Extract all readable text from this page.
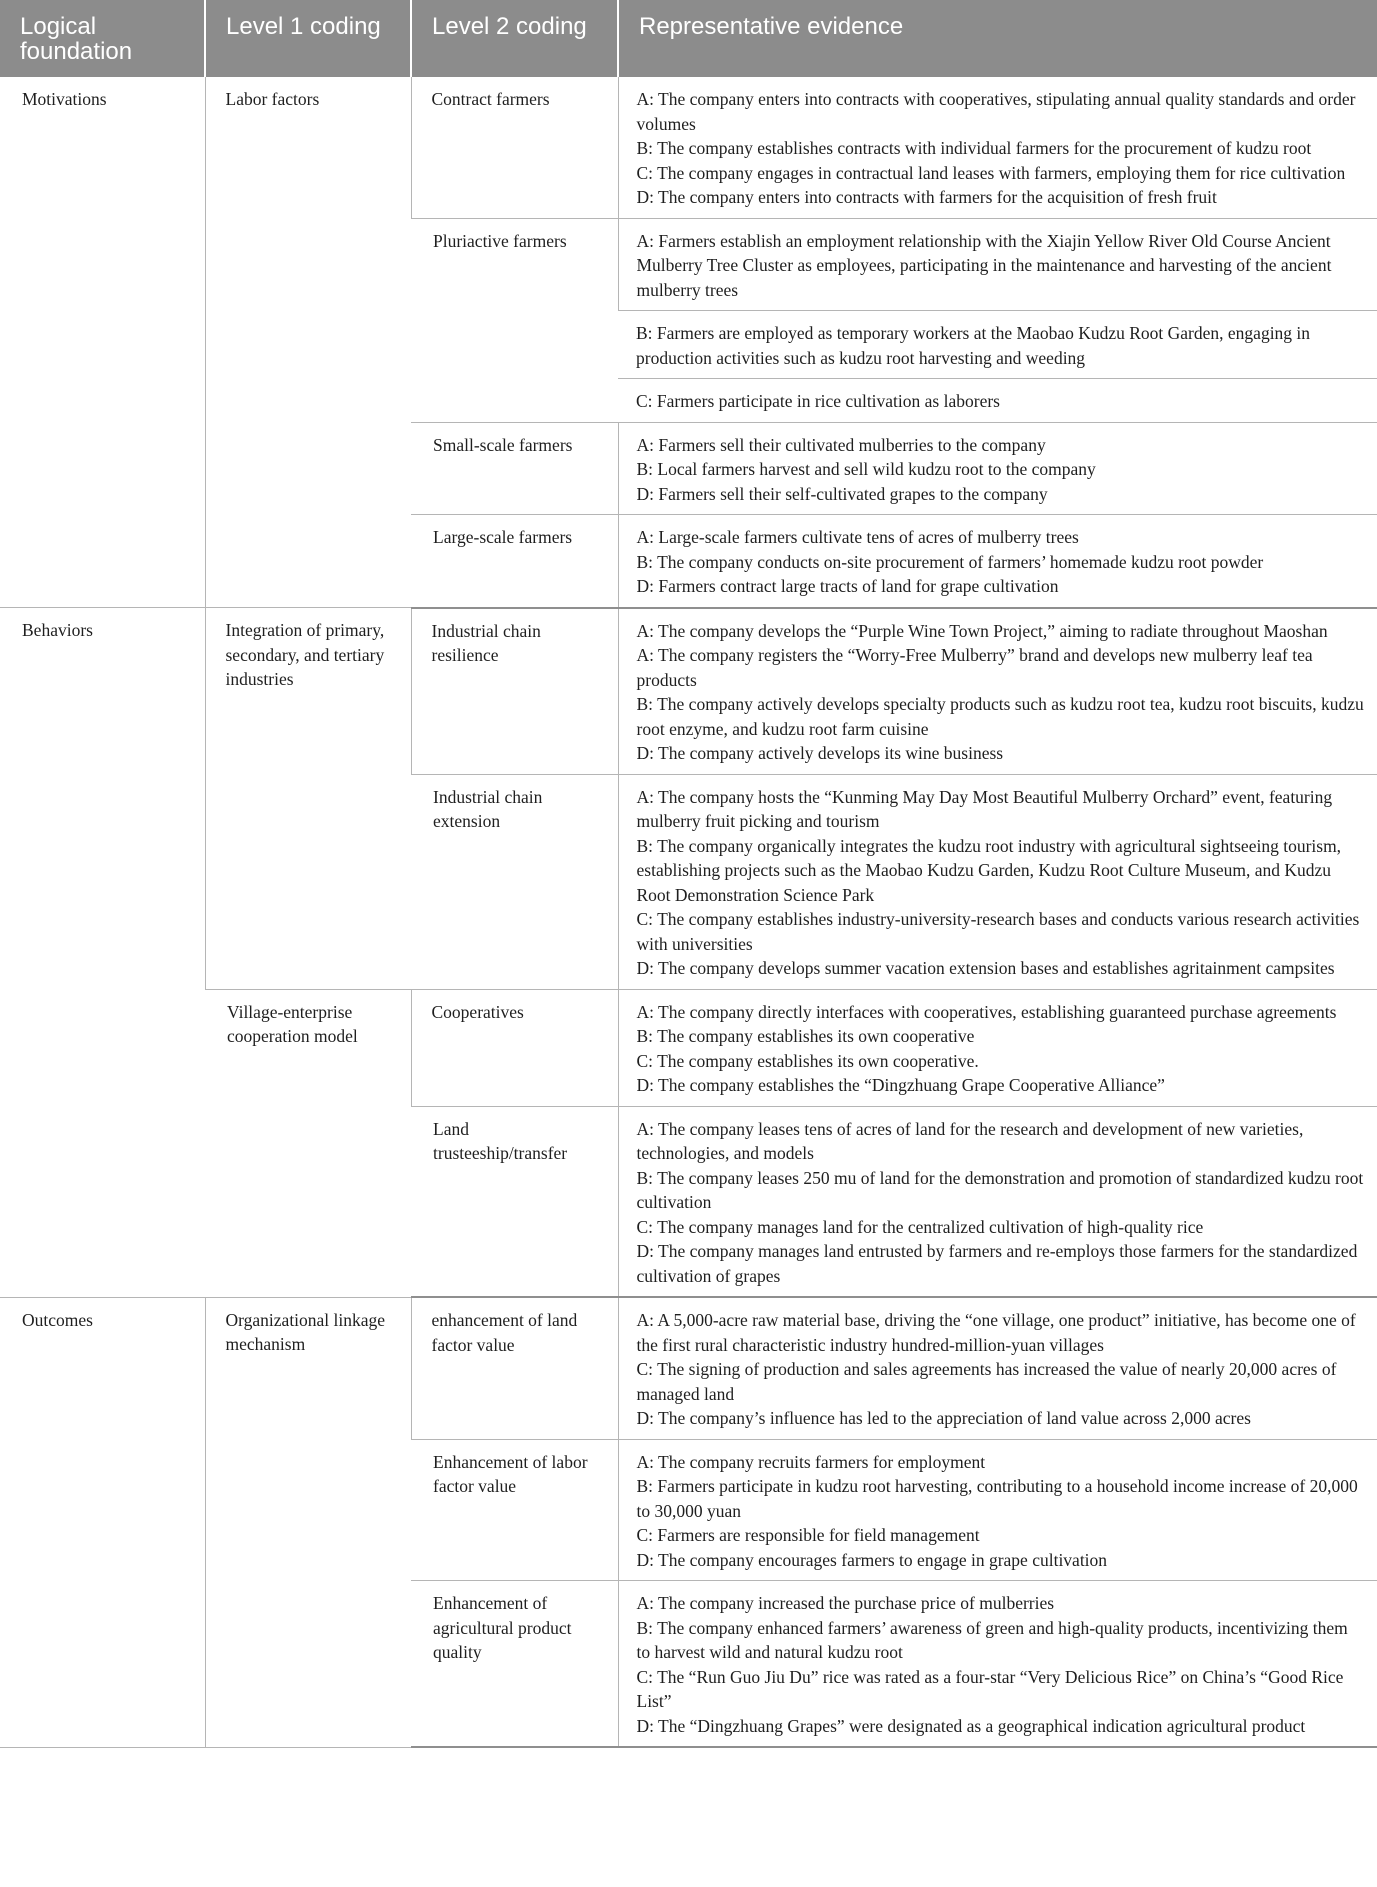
Logical foundation	Level 1 coding	Level 2 coding	Representative evidence
Motivations	Labor factors	Contract farmers	A: The company enters into contracts with cooperatives, stipulating annual quality standards and order volumes
B: The company establishes contracts with individual farmers for the procurement of kudzu root
C: The company engages in contractual land leases with farmers, employing them for rice cultivation
D: The company enters into contracts with farmers for the acquisition of fresh fruit

		Pluriactive farmers	A: Farmers establish an employment relationship with the Xiajin Yellow River Old Course Ancient Mulberry Tree Cluster as employees, participating in the maintenance and harvesting of the ancient mulberry trees

			B: Farmers are employed as temporary workers at the Maobao Kudzu Root Garden, engaging in production activities such as kudzu root harvesting and weeding

			C: Farmers participate in rice cultivation as laborers

		Small-scale farmers	A: Farmers sell their cultivated mulberries to the company
B: Local farmers harvest and sell wild kudzu root to the company
D: Farmers sell their self-cultivated grapes to the company

		Large-scale farmers	A: Large-scale farmers cultivate tens of acres of mulberry trees
B: The company conducts on-site procurement of farmers’ homemade kudzu root powder
D: Farmers contract large tracts of land for grape cultivation

Behaviors	Integration of primary, secondary, and tertiary industries	Industrial chain resilience	A: The company develops the “Purple Wine Town Project,” aiming to radiate throughout Maoshan
A: The company registers the “Worry-Free Mulberry” brand and develops new mulberry leaf tea products
B: The company actively develops specialty products such as kudzu root tea, kudzu root biscuits, kudzu root enzyme, and kudzu root farm cuisine
D: The company actively develops its wine business

		Industrial chain extension	A: The company hosts the “Kunming May Day Most Beautiful Mulberry Orchard” event, featuring mulberry fruit picking and tourism
B: The company organically integrates the kudzu root industry with agricultural sightseeing tourism, establishing projects such as the Maobao Kudzu Garden, Kudzu Root Culture Museum, and Kudzu Root Demonstration Science Park
C: The company establishes industry-university-research bases and conducts various research activities with universities
D: The company develops summer vacation extension bases and establishes agritainment campsites

	Village-enterprise cooperation model	Cooperatives	A: The company directly interfaces with cooperatives, establishing guaranteed purchase agreements
B: The company establishes its own cooperative
C: The company establishes its own cooperative.
D: The company establishes the “Dingzhuang Grape Cooperative Alliance”

		Land trusteeship/transfer	A: The company leases tens of acres of land for the research and development of new varieties, technologies, and models
B: The company leases 250 mu of land for the demonstration and promotion of standardized kudzu root cultivation
C: The company manages land for the centralized cultivation of high-quality rice
D: The company manages land entrusted by farmers and re-employs those farmers for the standardized cultivation of grapes

Outcomes	Organizational linkage mechanism	enhancement of land factor value	A: A 5,000-acre raw material base, driving the “one village, one product” initiative, has become one of the first rural characteristic industry hundred-million-yuan villages
C: The signing of production and sales agreements has increased the value of nearly 20,000 acres of managed land
D: The company’s influence has led to the appreciation of land value across 2,000 acres

		Enhancement of labor factor value	A: The company recruits farmers for employment
B: Farmers participate in kudzu root harvesting, contributing to a household income increase of 20,000 to 30,000 yuan
C: Farmers are responsible for field management
D: The company encourages farmers to engage in grape cultivation

		Enhancement of agricultural product quality	A: The company increased the purchase price of mulberries
B: The company enhanced farmers’ awareness of green and high-quality products, incentivizing them to harvest wild and natural kudzu root
C: The “Run Guo Jiu Du” rice was rated as a four-star “Very Delicious Rice” on China’s “Good Rice List”
D: The “Dingzhuang Grapes” were designated as a geographical indication agricultural product
